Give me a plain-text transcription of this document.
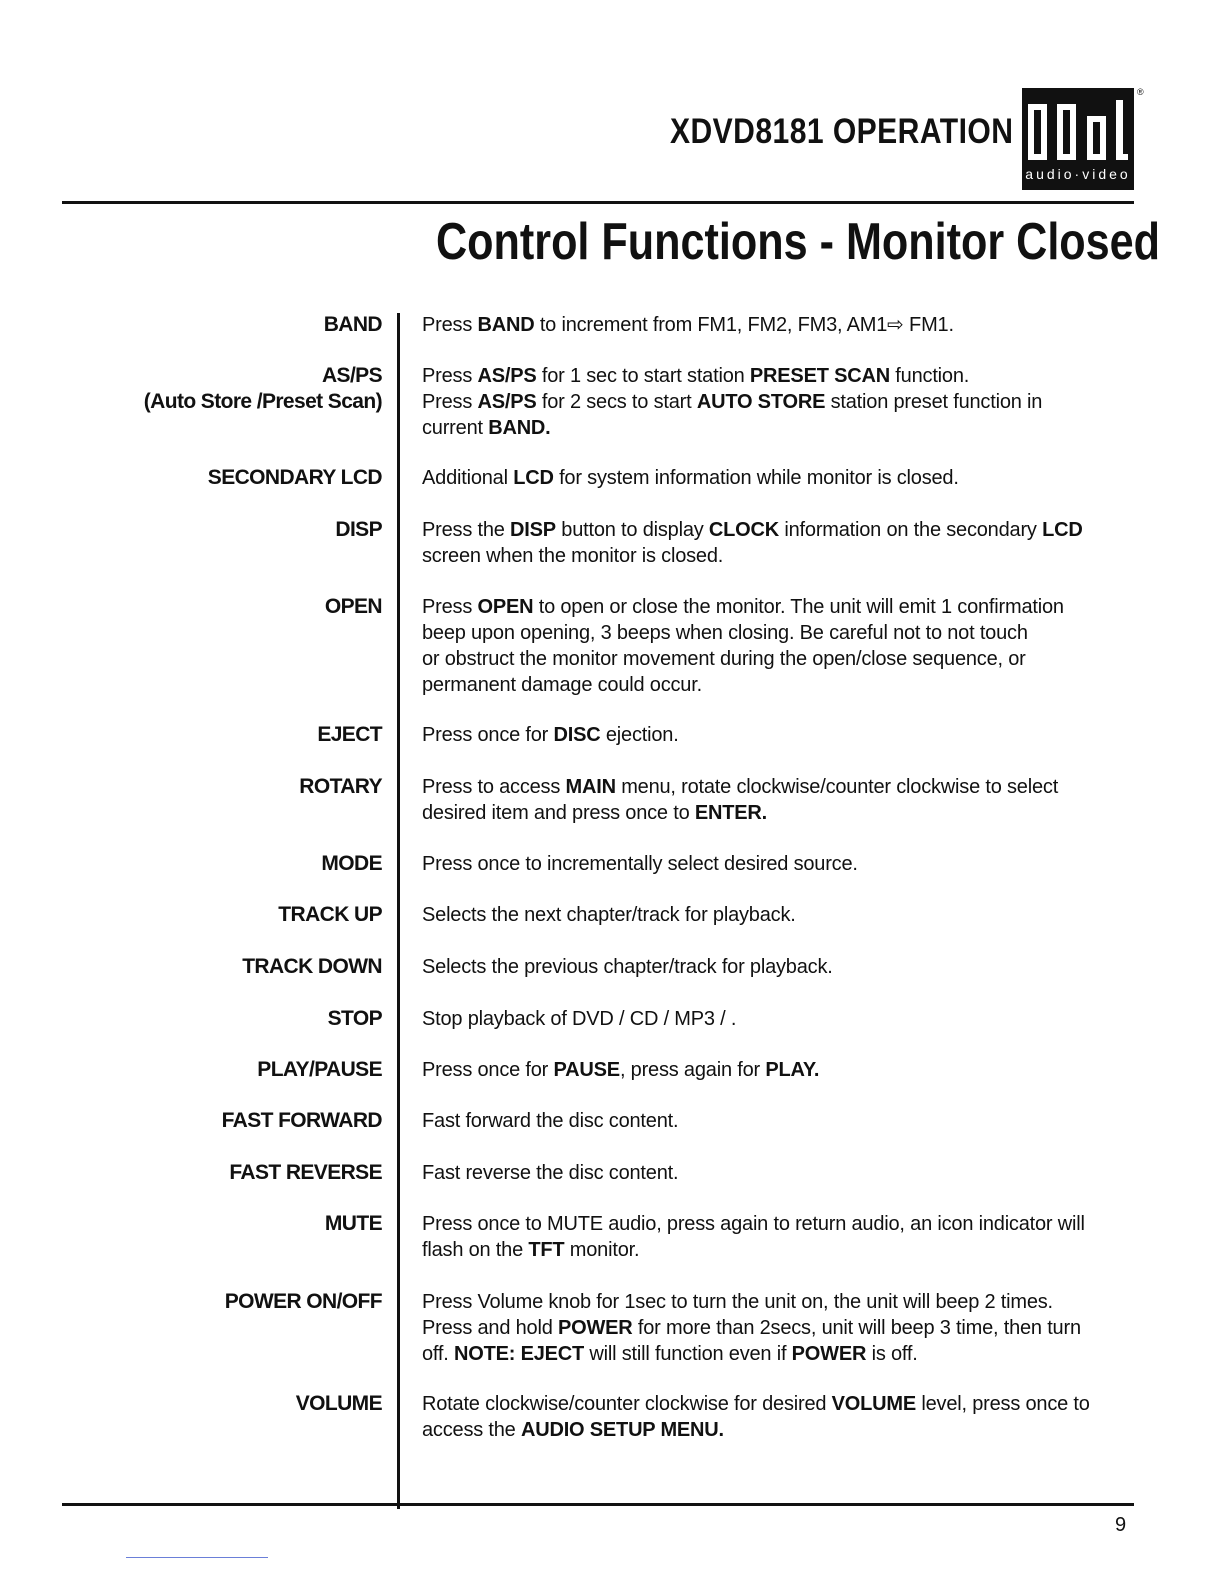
XDVD8181 OPERATION
audio·video
®
Control Functions - Monitor Closed
BAND Press BAND to increment from FM1, FM2, FM3, AM1⇨ FM1.

AS/PS
(Auto Store /Preset Scan)

Press AS/PS for 1 sec to start station PRESET SCAN function.

Press AS/PS for 2 secs to start AUTO STORE station preset function in

current BAND.

SECONDARY LCD Additional LCD for system information while monitor is closed.

DISP Press the DISP button to display CLOCK information on the secondary LCD

screen when the monitor is closed.

OPEN Press OPEN to open or close the monitor. The unit will emit 1 confirmation

beep upon opening, 3 beeps when closing. Be careful not to not touch

or obstruct the monitor movement during the open/close sequence, or

permanent damage could occur.

EJECT Press once for DISC ejection.

ROTARY Press to access MAIN menu, rotate clockwise/counter clockwise to select

desired item and press once to ENTER.

MODE Press once to incrementally select desired source.

TRACK UP Selects the next chapter/track for playback.

TRACK DOWN Selects the previous chapter/track for playback.

STOP Stop playback of DVD / CD / MP3 / .

PLAY/PAUSE Press once for PAUSE, press again for PLAY.

FAST FORWARD Fast forward the disc content.

FAST REVERSE Fast reverse the disc content.

MUTE Press once to MUTE audio, press again to return audio, an icon indicator will

flash on the TFT monitor.

POWER ON/OFF Press Volume knob for 1sec to turn the unit on, the unit will beep 2 times.

Press and hold POWER for more than 2secs, unit will beep 3 time, then turn

off. NOTE: EJECT will still function even if POWER is off.

VOLUME Rotate clockwise/counter clockwise for desired VOLUME level, press once to

access the AUDIO SETUP MENU.

9
